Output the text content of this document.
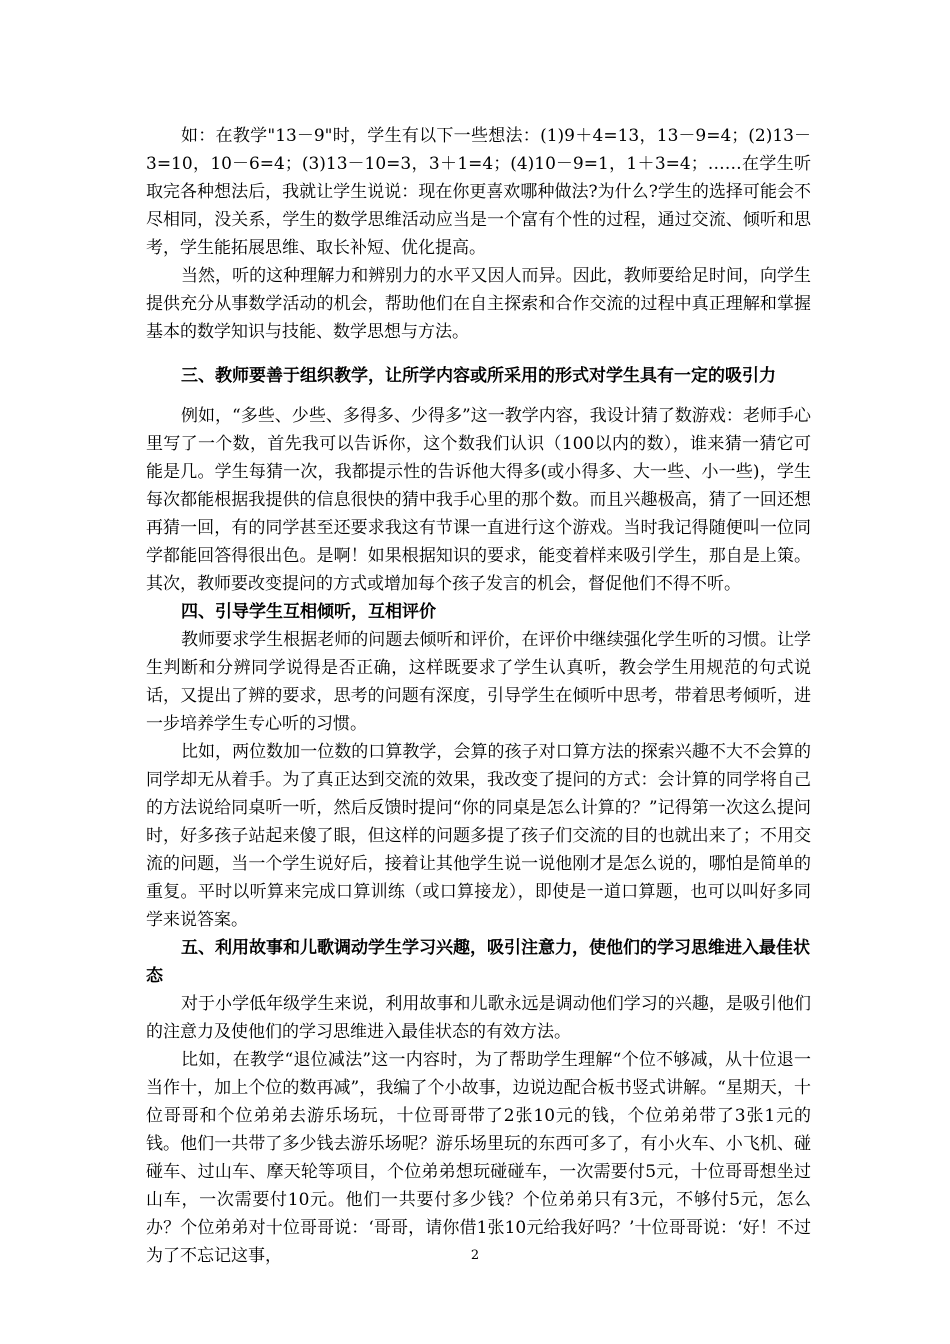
如：在教学"13－9"时，学生有以下一些想法：(1)9＋4=13，13－9=4；(2)13－3=10，10－6=4；(3)13－10=3，3＋1=4；(4)10－9=1，1＋3=4；……在学生听取完各种想法后，我就让学生说说：现在你更喜欢哪种做法?为什么?学生的选择可能会不尽相同，没关系，学生的数学思维活动应当是一个富有个性的过程，通过交流、倾听和思考，学生能拓展思维、取长补短、优化提高。

当然，听的这种理解力和辨别力的水平又因人而异。因此，教师要给足时间，向学生提供充分从事数学活动的机会，帮助他们在自主探索和合作交流的过程中真正理解和掌握基本的数学知识与技能、数学思想与方法。

三、教师要善于组织教学，让所学内容或所采用的形式对学生具有一定的吸引力

例如，“多些、少些、多得多、少得多”这一教学内容，我设计猜了数游戏：老师手心里写了一个数，首先我可以告诉你，这个数我们认识（100以内的数），谁来猜一猜它可能是几。学生每猜一次，我都提示性的告诉他大得多(或小得多、大一些、小一些)，学生每次都能根据我提供的信息很快的猜中我手心里的那个数。而且兴趣极高，猜了一回还想再猜一回，有的同学甚至还要求我这有节课一直进行这个游戏。当时我记得随便叫一位同学都能回答得很出色。是啊！如果根据知识的要求，能变着样来吸引学生，那自是上策。其次，教师要改变提问的方式或增加每个孩子发言的机会，督促他们不得不听。

四、引导学生互相倾听，互相评价

教师要求学生根据老师的问题去倾听和评价，在评价中继续强化学生听的习惯。让学生判断和分辨同学说得是否正确，这样既要求了学生认真听，教会学生用规范的句式说话，又提出了辨的要求，思考的问题有深度，引导学生在倾听中思考，带着思考倾听，进一步培养学生专心听的习惯。

比如，两位数加一位数的口算教学，会算的孩子对口算方法的探索兴趣不大不会算的同学却无从着手。为了真正达到交流的效果，我改变了提问的方式：会计算的同学将自己的方法说给同桌听一听，然后反馈时提问“你的同桌是怎么计算的？”记得第一次这么提问时，好多孩子站起来傻了眼，但这样的问题多提了孩子们交流的目的也就出来了；不用交流的问题，当一个学生说好后，接着让其他学生说一说他刚才是怎么说的，哪怕是简单的重复。平时以听算来完成口算训练（或口算接龙），即使是一道口算题，也可以叫好多同学来说答案。

五、利用故事和儿歌调动学生学习兴趣，吸引注意力，使他们的学习思维进入最佳状态

对于小学低年级学生来说，利用故事和儿歌永远是调动他们学习的兴趣，是吸引他们的注意力及使他们的学习思维进入最佳状态的有效方法。

比如，在教学“退位减法”这一内容时，为了帮助学生理解“个位不够减，从十位退一当作十，加上个位的数再减”，我编了个小故事，边说边配合板书竖式讲解。“星期天，十位哥哥和个位弟弟去游乐场玩，十位哥哥带了2张10元的钱，个位弟弟带了3张1元的钱。他们一共带了多少钱去游乐场呢？游乐场里玩的东西可多了，有小火车、小飞机、碰碰车、过山车、摩天轮等项目，个位弟弟想玩碰碰车，一次需要付5元，十位哥哥想坐过山车，一次需要付10元。他们一共要付多少钱？个位弟弟只有3元，不够付5元，怎么办？个位弟弟对十位哥哥说：‘哥哥，请你借1张10元给我好吗？’十位哥哥说：‘好！不过为了不忘记这事，	2
